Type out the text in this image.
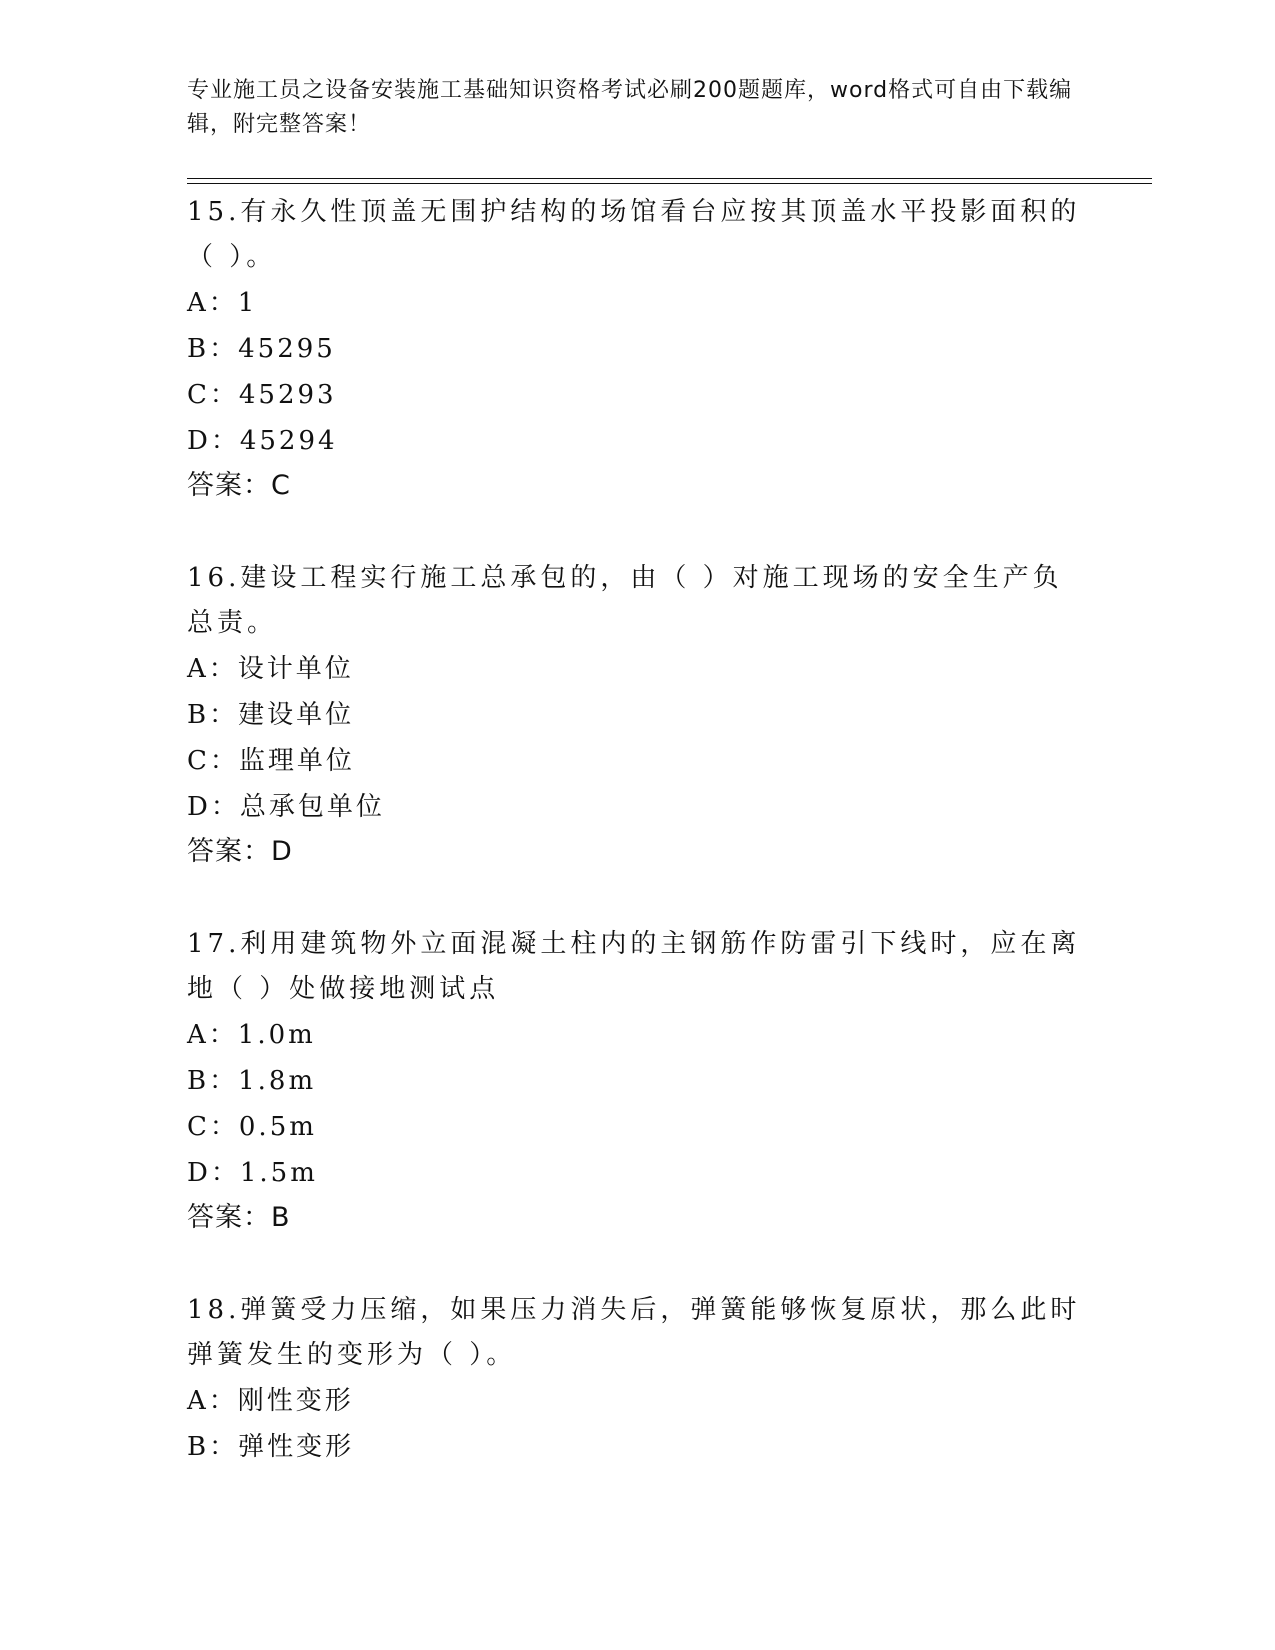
专业施工员之设备安装施工基础知识资格考试必刷200题题库，word格式可自由下载编辑，附完整答案！

15.有永久性顶盖无围护结构的场馆看台应按其顶盖水平投影面积的（ ）。

A：1

B：45295

C：45293

D：45294

答案：C

16.建设工程实行施工总承包的，由（ ）对施工现场的安全生产负总责。

A：设计单位

B：建设单位

C：监理单位

D：总承包单位

答案：D

17.利用建筑物外立面混凝土柱内的主钢筋作防雷引下线时，应在离地（ ）处做接地测试点

A：1.0m

B：1.8m

C：0.5m

D：1.5m

答案：B

18.弹簧受力压缩，如果压力消失后，弹簧能够恢复原状，那么此时弹簧发生的变形为（ ）。

A：刚性变形

B：弹性变形
